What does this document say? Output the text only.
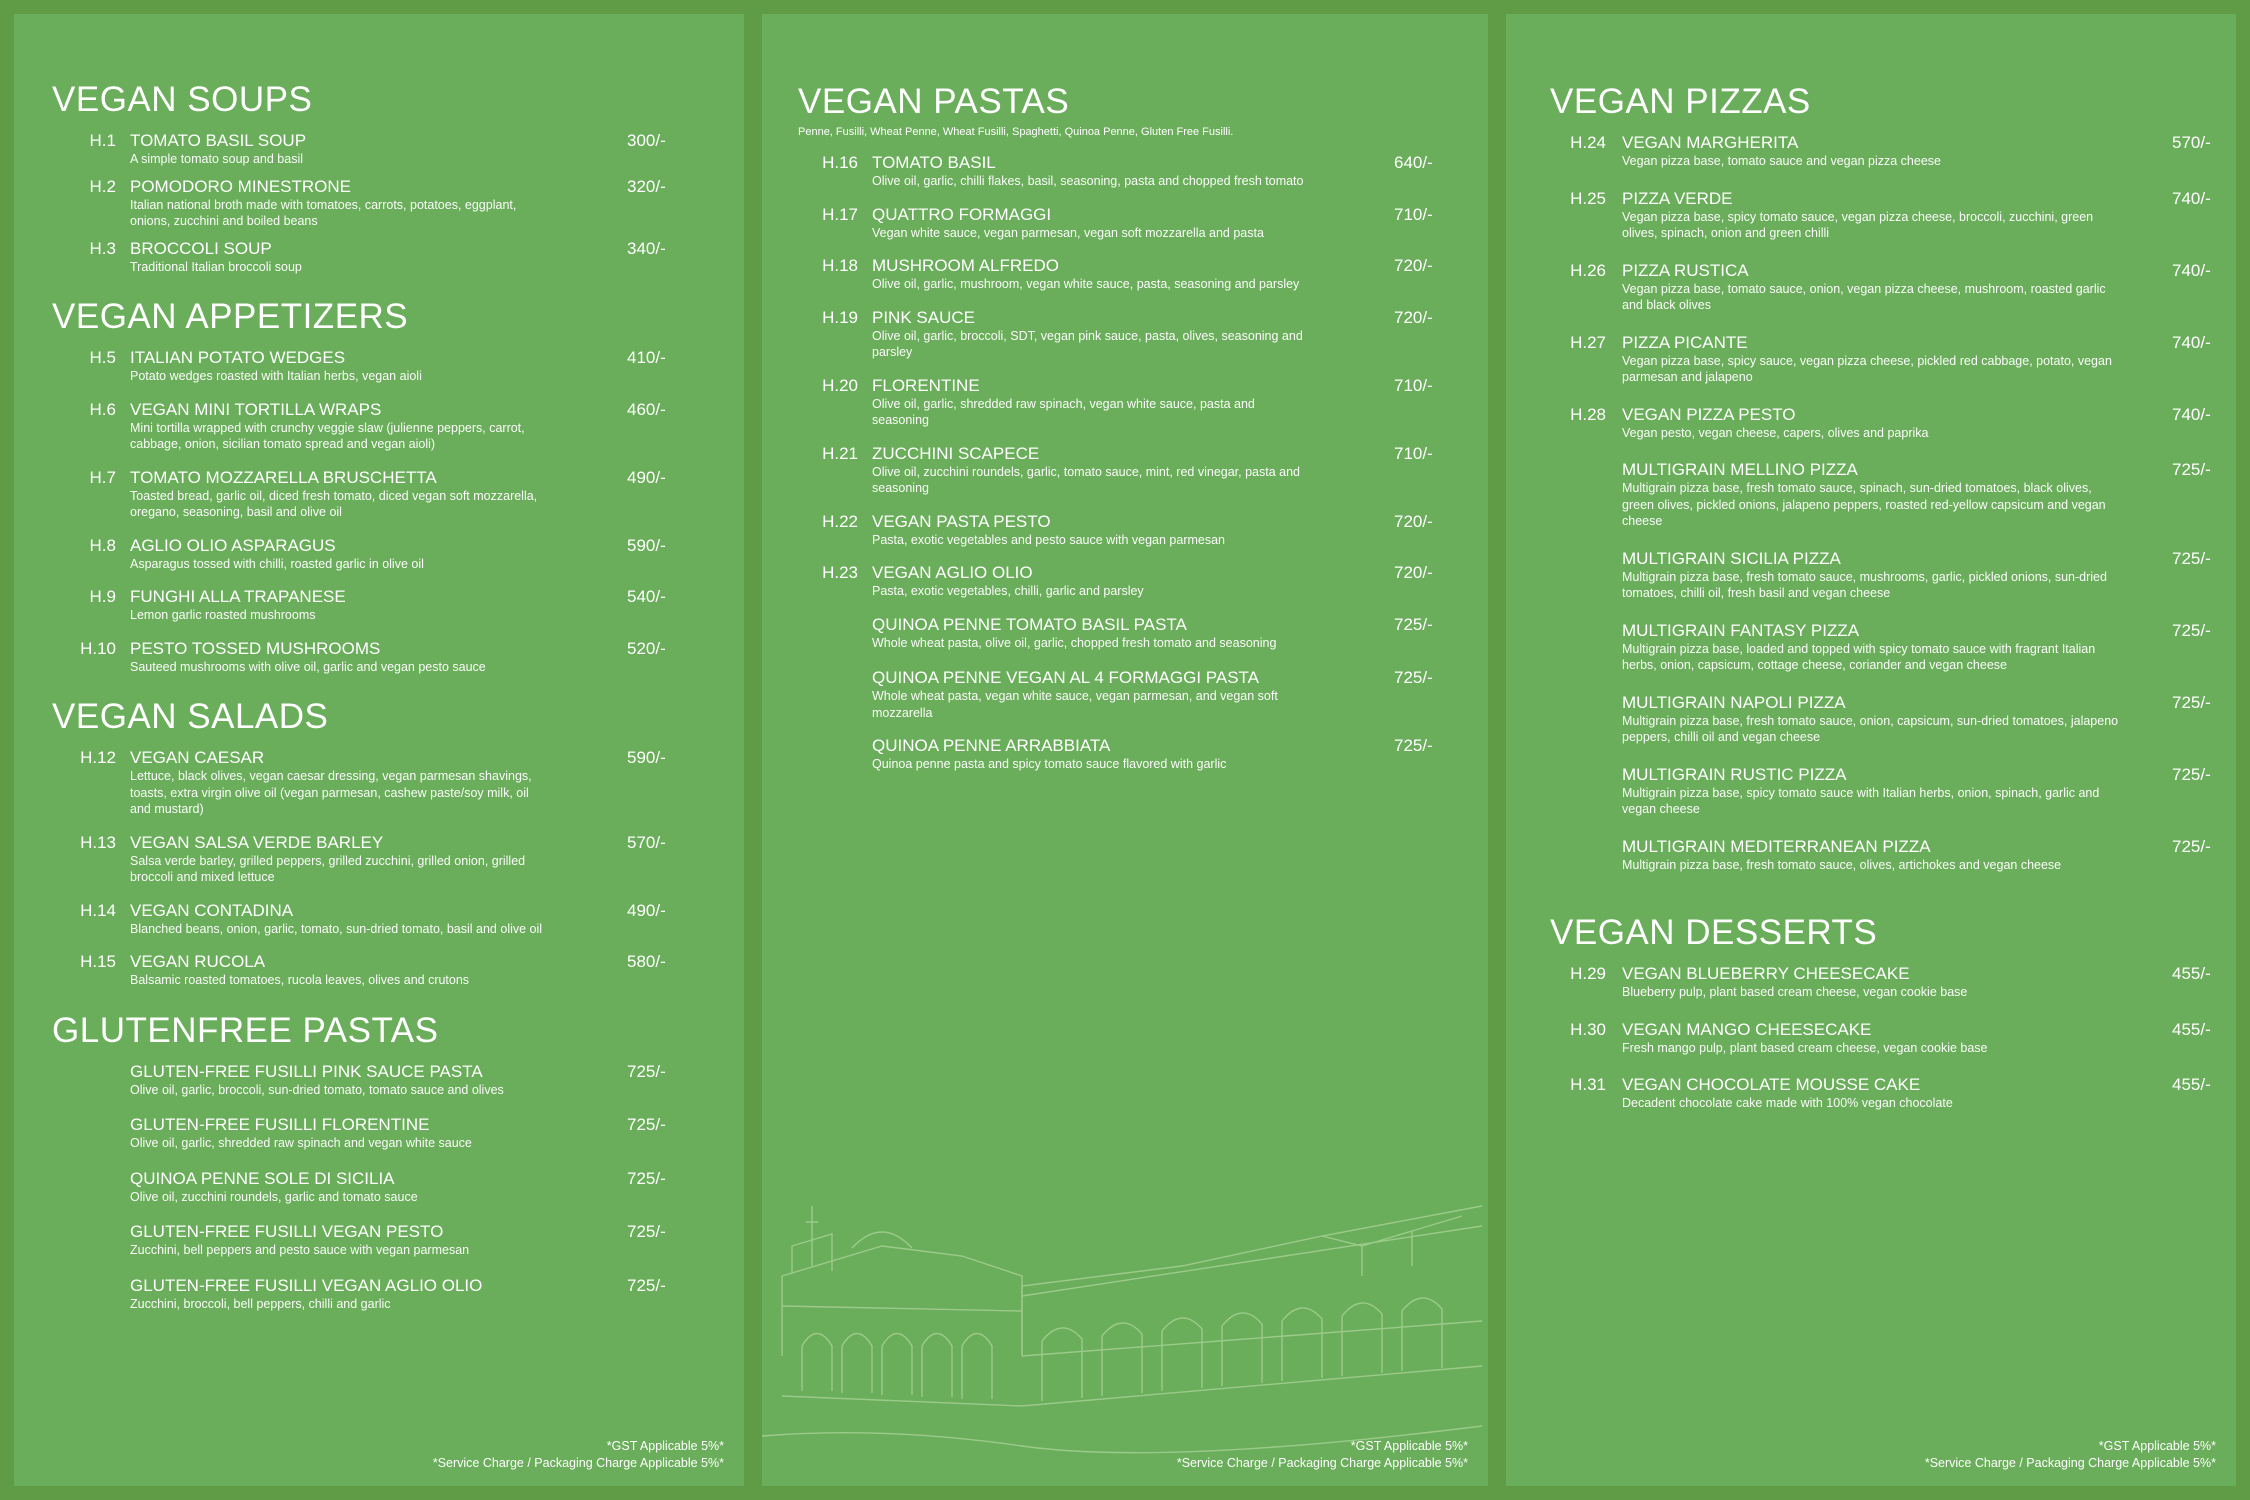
VEGAN SOUPS
H.1 TOMATO BASIL SOUP
A simple tomato soup and basil
300/-
H.2 POMODORO MINESTRONE
Italian national broth made with tomatoes, carrots, potatoes, eggplant, onions, zucchini and boiled beans
320/-
H.3 BROCCOLI SOUP
Traditional Italian broccoli soup
340/-
VEGAN APPETIZERS
H.5 ITALIAN POTATO WEDGES
Potato wedges roasted with Italian herbs, vegan aioli
410/-
H.6 VEGAN MINI TORTILLA WRAPS
Mini tortilla wrapped with crunchy veggie slaw (julienne peppers, carrot, cabbage, onion, sicilian tomato spread and vegan aioli)
460/-
H.7 TOMATO MOZZARELLA BRUSCHETTA
Toasted bread, garlic oil, diced fresh tomato, diced vegan soft mozzarella, oregano, seasoning, basil and olive oil
490/-
H.8 AGLIO OLIO ASPARAGUS
Asparagus tossed with chilli, roasted garlic in olive oil
590/-
H.9 FUNGHI ALLA TRAPANESE
Lemon garlic roasted mushrooms
540/-
H.10 PESTO TOSSED MUSHROOMS
Sauteed mushrooms with olive oil, garlic and vegan pesto sauce
520/-
VEGAN SALADS
H.12 VEGAN CAESAR
Lettuce, black olives, vegan caesar dressing, vegan parmesan shavings, toasts, extra virgin olive oil (vegan parmesan, cashew paste/soy milk, oil and mustard)
590/-
H.13 VEGAN SALSA VERDE BARLEY
Salsa verde barley, grilled peppers, grilled zucchini, grilled onion, grilled broccoli and mixed lettuce
570/-
H.14 VEGAN CONTADINA
Blanched beans, onion, garlic, tomato, sun-dried tomato, basil and olive oil
490/-
H.15 VEGAN RUCOLA
Balsamic roasted tomatoes, rucola leaves, olives and crutons
580/-
GLUTENFREE PASTAS
GLUTEN-FREE FUSILLI PINK SAUCE PASTA
Olive oil, garlic, broccoli, sun-dried tomato, tomato sauce and olives
725/-
GLUTEN-FREE FUSILLI FLORENTINE
Olive oil, garlic, shredded raw spinach and vegan white sauce
725/-
QUINOA PENNE SOLE DI SICILIA
Olive oil, zucchini roundels, garlic and tomato sauce
725/-
GLUTEN-FREE FUSILLI VEGAN PESTO
Zucchini, bell peppers and pesto sauce with vegan parmesan
725/-
GLUTEN-FREE FUSILLI VEGAN AGLIO OLIO
Zucchini, broccoli, bell peppers, chilli and garlic
725/-
*GST Applicable 5%*
*Service Charge / Packaging Charge Applicable 5%*
VEGAN PASTAS
Penne, Fusilli, Wheat Penne, Wheat Fusilli, Spaghetti, Quinoa Penne, Gluten Free Fusilli.
H.16 TOMATO BASIL
Olive oil, garlic, chilli flakes, basil, seasoning, pasta and chopped fresh tomato
640/-
H.17 QUATTRO FORMAGGI
Vegan white sauce, vegan parmesan, vegan soft mozzarella and pasta
710/-
H.18 MUSHROOM ALFREDO
Olive oil, garlic, mushroom, vegan white sauce, pasta, seasoning and parsley
720/-
H.19 PINK SAUCE
Olive oil, garlic, broccoli, SDT, vegan pink sauce, pasta, olives, seasoning and parsley
720/-
H.20 FLORENTINE
Olive oil, garlic, shredded raw spinach, vegan white sauce, pasta and seasoning
710/-
H.21 ZUCCHINI SCAPECE
Olive oil, zucchini roundels, garlic, tomato sauce, mint, red vinegar, pasta and seasoning
710/-
H.22 VEGAN PASTA PESTO
Pasta, exotic vegetables and pesto sauce with vegan parmesan
720/-
H.23 VEGAN AGLIO OLIO
Pasta, exotic vegetables, chilli, garlic and parsley
720/-
QUINOA PENNE TOMATO BASIL PASTA
Whole wheat pasta, olive oil, garlic, chopped fresh tomato and seasoning
725/-
QUINOA PENNE VEGAN AL 4 FORMAGGI PASTA
Whole wheat pasta, vegan white sauce, vegan parmesan, and vegan soft mozzarella
725/-
QUINOA PENNE ARRABBIATA
Quinoa penne pasta and spicy tomato sauce flavored with garlic
725/-
*GST Applicable 5%*
*Service Charge / Packaging Charge Applicable 5%*
VEGAN PIZZAS
H.24 VEGAN MARGHERITA
Vegan pizza base, tomato sauce and vegan pizza cheese
570/-
H.25 PIZZA VERDE
Vegan pizza base, spicy tomato sauce, vegan pizza cheese, broccoli, zucchini, green olives, spinach, onion and green chilli
740/-
H.26 PIZZA RUSTICA
Vegan pizza base, tomato sauce, onion, vegan pizza cheese, mushroom, roasted garlic and black olives
740/-
H.27 PIZZA PICANTE
Vegan pizza base, spicy sauce, vegan pizza cheese, pickled red cabbage, potato, vegan parmesan and jalapeno
740/-
H.28 VEGAN PIZZA PESTO
Vegan pesto, vegan cheese, capers, olives and paprika
740/-
MULTIGRAIN MELLINO PIZZA
Multigrain pizza base, fresh tomato sauce, spinach, sun-dried tomatoes, black olives, green olives, pickled onions, jalapeno peppers, roasted red-yellow capsicum and vegan cheese
725/-
MULTIGRAIN SICILIA PIZZA
Multigrain pizza base, fresh tomato sauce, mushrooms, garlic, pickled onions, sun-dried tomatoes, chilli oil, fresh basil and vegan cheese
725/-
MULTIGRAIN FANTASY PIZZA
Multigrain pizza base, loaded and topped with spicy tomato sauce with fragrant Italian herbs, onion, capsicum, cottage cheese, coriander and vegan cheese
725/-
MULTIGRAIN NAPOLI PIZZA
Multigrain pizza base, fresh tomato sauce, onion, capsicum, sun-dried tomatoes, jalapeno peppers, chilli oil and vegan cheese
725/-
MULTIGRAIN RUSTIC PIZZA
Multigrain pizza base, spicy tomato sauce with Italian herbs, onion, spinach, garlic and vegan cheese
725/-
MULTIGRAIN MEDITERRANEAN PIZZA
Multigrain pizza base, fresh tomato sauce, olives, artichokes and vegan cheese
725/-
VEGAN DESSERTS
H.29 VEGAN BLUEBERRY CHEESECAKE
Blueberry pulp, plant based cream cheese, vegan cookie base
455/-
H.30 VEGAN MANGO CHEESECAKE
Fresh mango pulp, plant based cream cheese, vegan cookie base
455/-
H.31 VEGAN CHOCOLATE MOUSSE CAKE
Decadent chocolate cake made with 100% vegan chocolate
455/-
*GST Applicable 5%*
*Service Charge / Packaging Charge Applicable 5%*
